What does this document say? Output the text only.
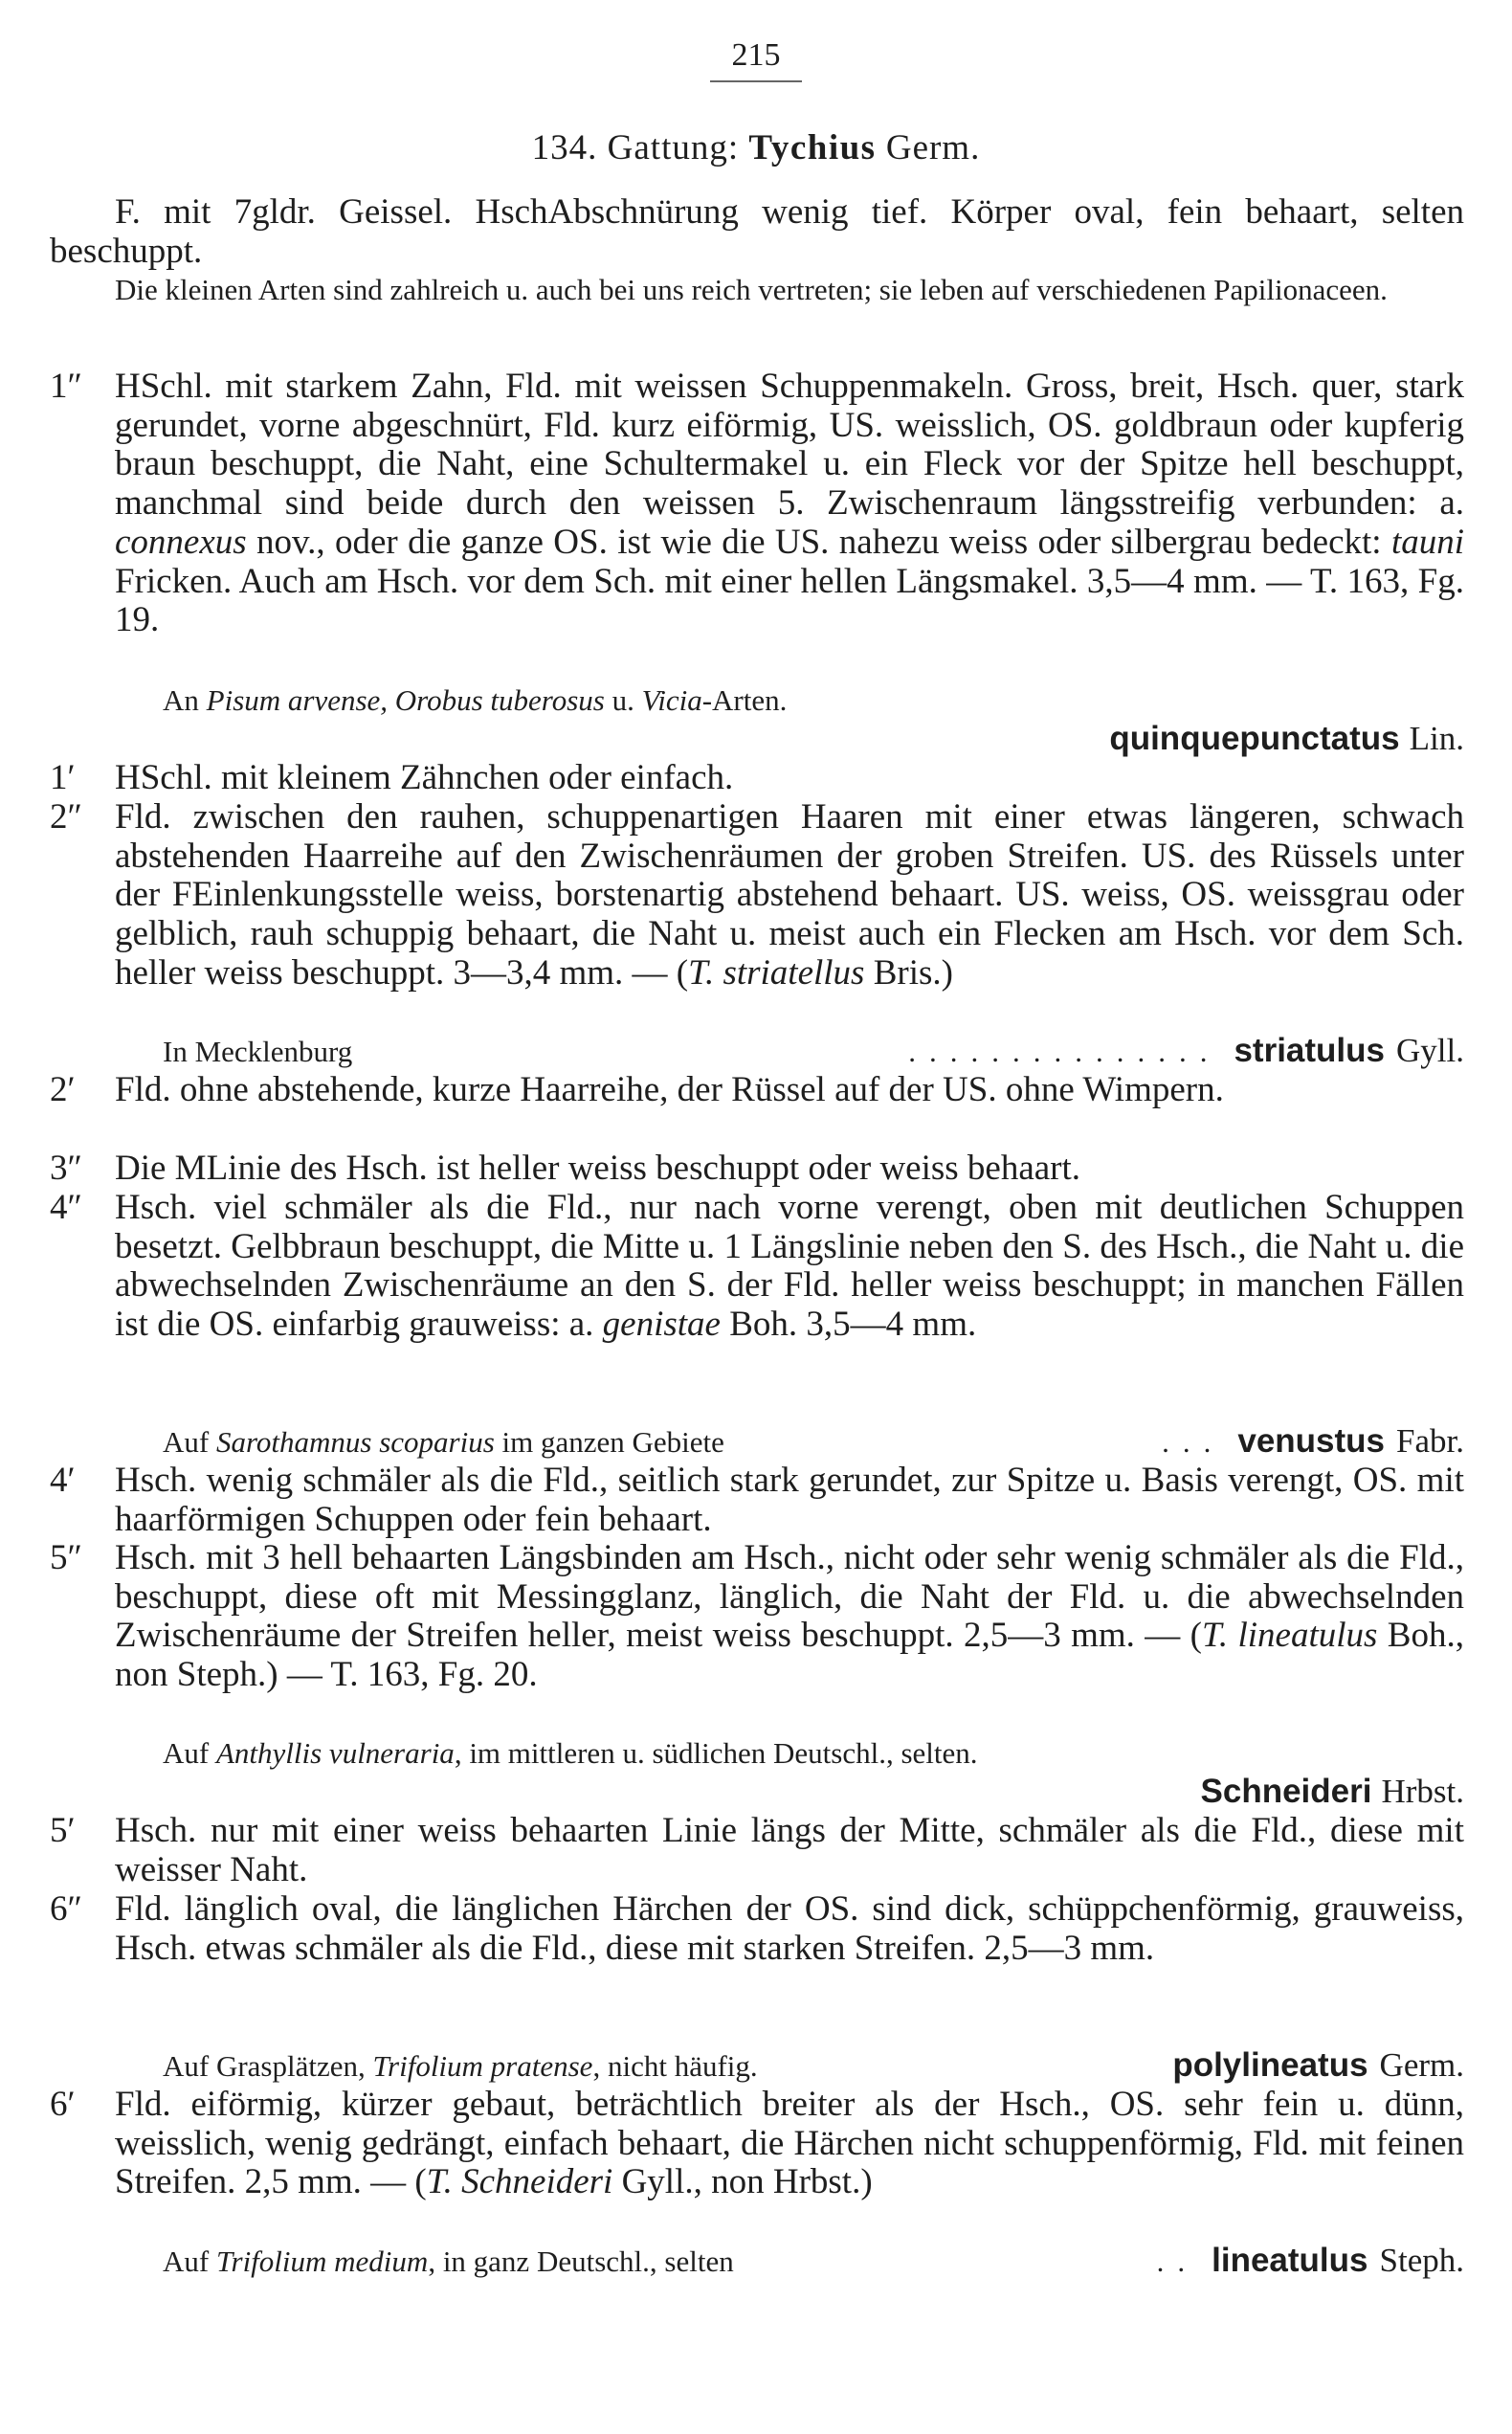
215
134. Gattung: Tychius Germ.

F. mit 7gldr. Geissel. HschAbschnürung wenig tief. Körper oval, fein behaart, selten beschuppt.

Die kleinen Arten sind zahlreich u. auch bei uns reich vertreten; sie leben auf verschiedenen Papilionaceen.

1″ HSchl. mit starkem Zahn, Fld. mit weissen Schuppenmakeln. Gross, breit, Hsch. quer, stark gerundet, vorne abgeschnürt, Fld. kurz eiförmig, US. weisslich, OS. goldbraun oder kupferig braun beschuppt, die Naht, eine Schultermakel u. ein Fleck vor der Spitze hell beschuppt, manchmal sind beide durch den weissen 5. Zwischenraum längsstreifig verbunden: a. connexus nov., oder die ganze OS. ist wie die US. nahezu weiss oder silbergrau bedeckt: tauni Fricken. Auch am Hsch. vor dem Sch. mit einer hellen Längsmakel. 3,5—4 mm. — T. 163, Fg. 19.

An Pisum arvense, Orobus tuberosus u. Vicia-Arten.
quinquepunctatus Lin.
1′	HSchl. mit kleinem Zähnchen oder einfach.

2″ Fld. zwischen den rauhen, schuppenartigen Haaren mit einer etwas längeren, schwach abstehenden Haarreihe auf den Zwischenräumen der groben Streifen. US. des Rüssels unter der FEinlenkungsstelle weiss, borstenartig abstehend behaart. US. weiss, OS. weissgrau oder gelblich, rauh schuppig behaart, die Naht u. meist auch ein Flecken am Hsch. vor dem Sch. heller weiss beschuppt. 3—3,4 mm. — (T. striatellus Bris.)

In Mecklenburg	............... striatulus Gyll.
2′	Fld. ohne abstehende, kurze Haarreihe, der Rüssel auf der US. ohne Wimpern.

3″ Die MLinie des Hsch. ist heller weiss beschuppt oder weiss behaart.

4″ Hsch. viel schmäler als die Fld., nur nach vorne verengt, oben mit deutlichen Schuppen besetzt. Gelbbraun beschuppt, die Mitte u. 1 Längslinie neben den S. des Hsch., die Naht u. die abwechselnden Zwischenräume an den S. der Fld. heller weiss beschuppt; in manchen Fällen ist die OS. einfarbig grauweiss: a. genistae Boh. 3,5—4 mm.

Auf Sarothamnus scoparius im ganzen Gebiete	... venustus Fabr.
4′	Hsch. wenig schmäler als die Fld., seitlich stark gerundet, zur Spitze u. Basis verengt, OS. mit haarförmigen Schuppen oder fein behaart.

5″ Hsch. mit 3 hell behaarten Längsbinden am Hsch., nicht oder sehr wenig schmäler als die Fld., beschuppt, diese oft mit Messingglanz, länglich, die Naht der Fld. u. die abwechselnden Zwischenräume der Streifen heller, meist weiss beschuppt. 2,5—3 mm. — (T. lineatulus Boh., non Steph.) — T. 163, Fg. 20.

Auf Anthyllis vulneraria, im mittleren u. südlichen Deutschl., selten.
Schneideri Hrbst.
5′	Hsch. nur mit einer weiss behaarten Linie längs der Mitte, schmäler als die Fld., diese mit weisser Naht.

6″ Fld. länglich oval, die länglichen Härchen der OS. sind dick, schüppchenförmig, grauweiss, Hsch. etwas schmäler als die Fld., diese mit starken Streifen. 2,5—3 mm.

Auf Grasplätzen, Trifolium pratense, nicht häufig.	polylineatus Germ.
6′	Fld. eiförmig, kürzer gebaut, beträchtlich breiter als der Hsch., OS. sehr fein u. dünn, weisslich, wenig gedrängt, einfach behaart, die Härchen nicht schuppenförmig, Fld. mit feinen Streifen. 2,5 mm. — (T. Schneideri Gyll., non Hrbst.)

Auf Trifolium medium, in ganz Deutschl., selten	.. lineatulus Steph.
